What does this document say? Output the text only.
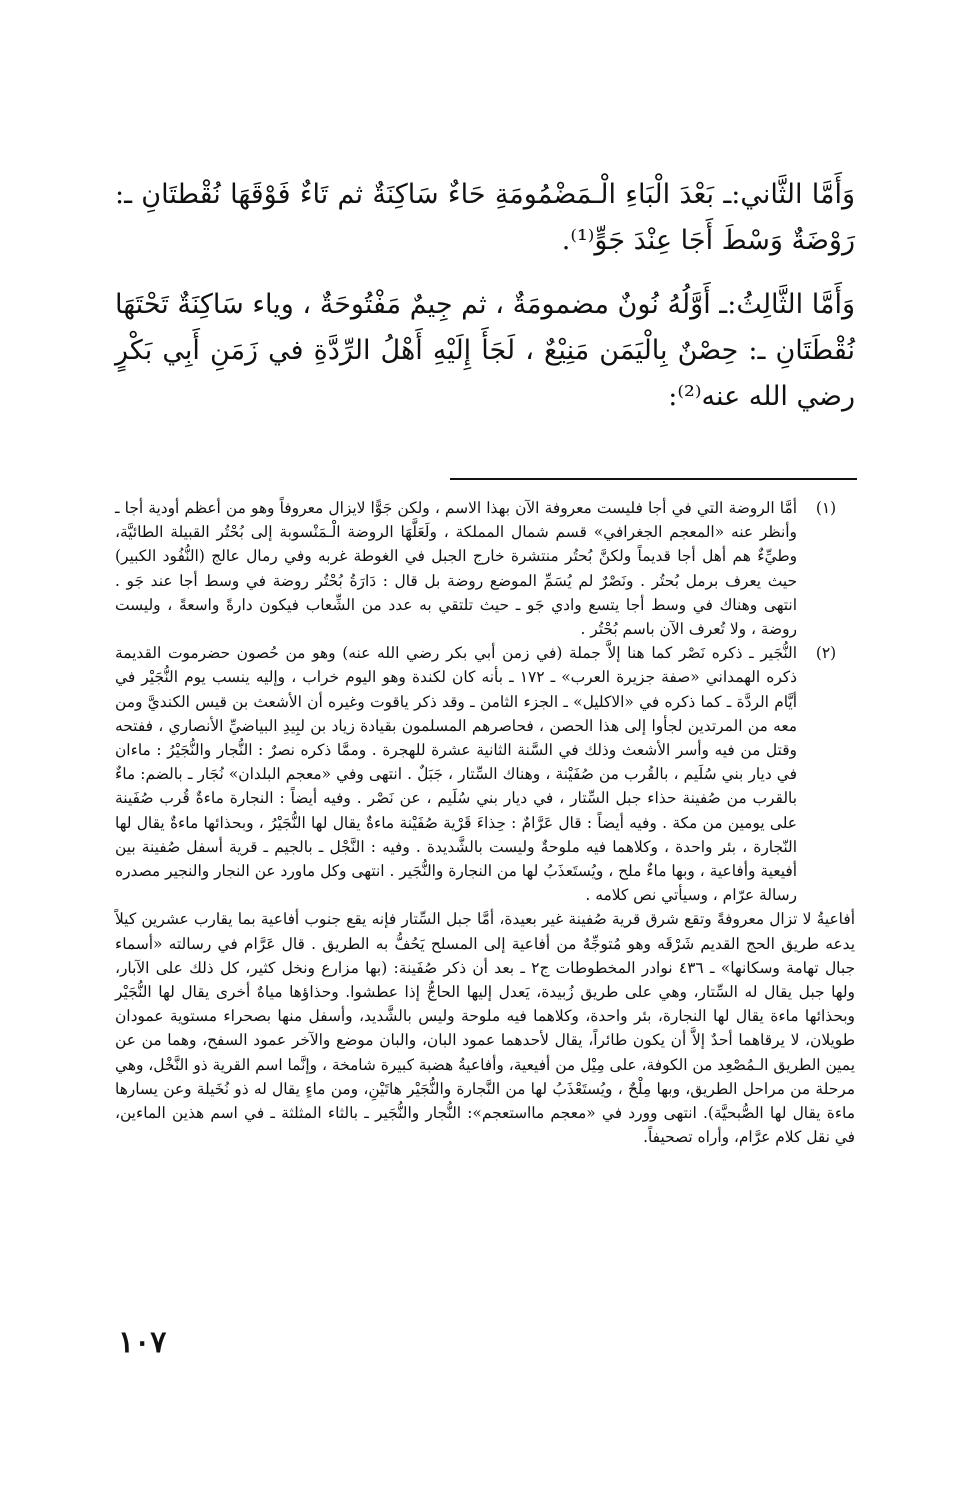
وَأَمَّا الثَّاني:ـ بَعْدَ الْبَاءِ الْـمَضْمُومَةِ حَاءٌ سَاكِنَةٌ ثم تَاءٌ فَوْقَهَا نُقْطتَانِ ـ: رَوْضَةٌ وَسْطَ أَجَا عِنْدَ جَوٍّ⁽¹⁾.

وَأَمَّا الثَّالِثُ:ـ أَوَّلُهُ نُونٌ مضمومَةٌ ، ثم جِيمٌ مَفْتُوحَةٌ ، وياء سَاكِنَةٌ تَحْتَهَا نُقْطَتَانِ ـ: حِصْنٌ بِالْيَمَن مَنِيْعٌ ، لَجَأَ إِلَيْهِ أَهْلُ الرِّدَّةِ في زَمَنِ أَبِي بَكْرٍ رضي الله عنه⁽²⁾:

(١)
أمَّا الروضة التي في أجا فليست معروفة الآن بهذا الاسم ، ولكن جَوًّا لايزال معروفاً وهو من أعظم أودية أجا ـ وأنظر عنه «المعجم الجغرافي» قسم شمال المملكة ، ولَعَلَّهَا الروضة الْـمَنْسوبة إلى بُحْتُر القبيلة الطائيَّة، وطيِّءٌ هم أهل أجا قديماً ولكنَّ بُحتُر منتشرة خارج الجبل في الغوطة غربه وفي رمال عالج (النُّفُود الكبير) حيث يعرف برمل بُحتُر . ونَصْرٌ لم يُسَمِّ الموضع روضة بل قال : دَارَةُ بُحْتُر روضة في وسط أجا عند جَو . انتهى وهناك في وسط أجا يتسع وادي جَو ـ حيث تلتقي به عدد من الشِّعاب فيكون دارةً واسعةً ، وليست روضة ، ولا تُعرف الآن باسم بُحْتُر .
(٢)
النُّجَير ـ ذكره نَصْر كما هنا إلاَّ جملة (في زمن أبي بكر رضي الله عنه) وهو من حُصون حضرموت القديمة ذكره الهمداني «صفة جزيرة العرب» ـ ١٧٢ ـ بأنه كان لكندة وهو اليوم خراب ، وإليه ينسب يوم النُّجَيْر في أيَّام الردَّة ـ كما ذكره في «الاكليل» ـ الجزء الثامن ـ وقد ذكر ياقوت وغيره أن الأشعث بن قيس الكنديَّ ومن معه من المرتدين لجأوا إلى هذا الحصن ، فحاصرهم المسلمون بقيادة زياد بن لبِيدِ البياضيِّ الأنصاري ، ففتحه وقتل من فيه وأسر الأشعث وذلك في السَّنة الثانية عشرة للهجرة . وممَّا ذكره نصرٌ : النُّجار والنُّجَيْرُ : ماءان في ديار بني سُلَيم ، بالقُرب من صُفَيْنة ، وهناك السِّتار ، جَبَلٌ . انتهى وفي «معجم البلدان» نُجَار ـ بالضم: ماءٌ بالقرب من صُفينة حذاء جبل السِّتار ، في ديار بني سُلَيم ، عن نَصْر . وفيه أيضاً : النجارة ماءةٌ قُرب صُفَينة على يومين من مكة . وفيه أيضاً : قال عَرَّامٌ : حِذاءَ قَرْية صُفَيْنة ماءةٌ يقال لها النُّجَيْرُ ، وبحذائها ماءةٌ يقال لها النّجارة ، بئر واحدة ، وكلاهما فيه ملوحةٌ وليست بالشَّديدة . وفيه : النَّجْل ـ بالجيم ـ قرية أسفل صُفينة بين أفيعية وأفاعية ، وبها ماءٌ ملح ، ويُستَعذَبُ لها من النجارة والنُّجَير . انتهى وكل ماورد عن النجار والنجير مصدره رسالة عرّام ، وسيأتي نص كلامه .

أفاعيةُ لا تزال معروفةً وتقع شرق قرية صُفينة غير بعيدة، أمَّا جبل السِّتار فإنه يقع جنوب أفاعية بما يقارب عشرين كيلاً يدعه طريق الحج القديم شَرْقَه وهو مُتوجِّهٌ من أفاعية إلى المسلح يَحُفُّ به الطريق . قال عَرَّام في رسالته «أسماء جبال تهامة وسكانها» ـ ٤٣٦ نوادر المخطوطات ج٢ ـ بعد أن ذكر صُفَينة: (بها مزارع ونخل كثير، كل ذلك على الآبار، ولها جبل يقال له السِّتار، وهي على طريق زُبيدة، يَعدل إليها الحاجُّ إذا عطشوا. وحذاؤها مياهٌ أخرى يقال لها النُّجَيْر وبحذائها ماءة يقال لها النجارة، بئر واحدة، وكلاهما فيه ملوحة وليس بالشَّديد، وأسفل منها بصحراء مستوية عمودان طويلان، لا يرقاهما أحدٌ إلاَّ أن يكون طائراً، يقال لأحدهما عمود البان، والبان موضع والآخر عمود السفح، وهما من عن يمين الطريق الـمُصْعِد من الكوفة، على مِيْل من أفيعية، وأفاعيةُ هضبة كبيرة شامخة ، وإنَّما اسم القرية ذو النَّخْل، وهي مرحلة من مراحل الطريق، وبها مِلْحٌ ، ويُستَعْذَبُ لها من النَّجارة والنُّجَيْر هاتَيْنِ، ومن ماءٍ يقال له ذو نُخَيلة وعن يسارها ماءة يقال لها الصُّبحيَّة). انتهى وورد في «معجم مااستعجم»: النُّجار والنُّجَير ـ بالثاء المثلثة ـ في اسم هذين الماءين، في نقل كلام عرَّام، وأراه تصحيفاً.

١٠٧
